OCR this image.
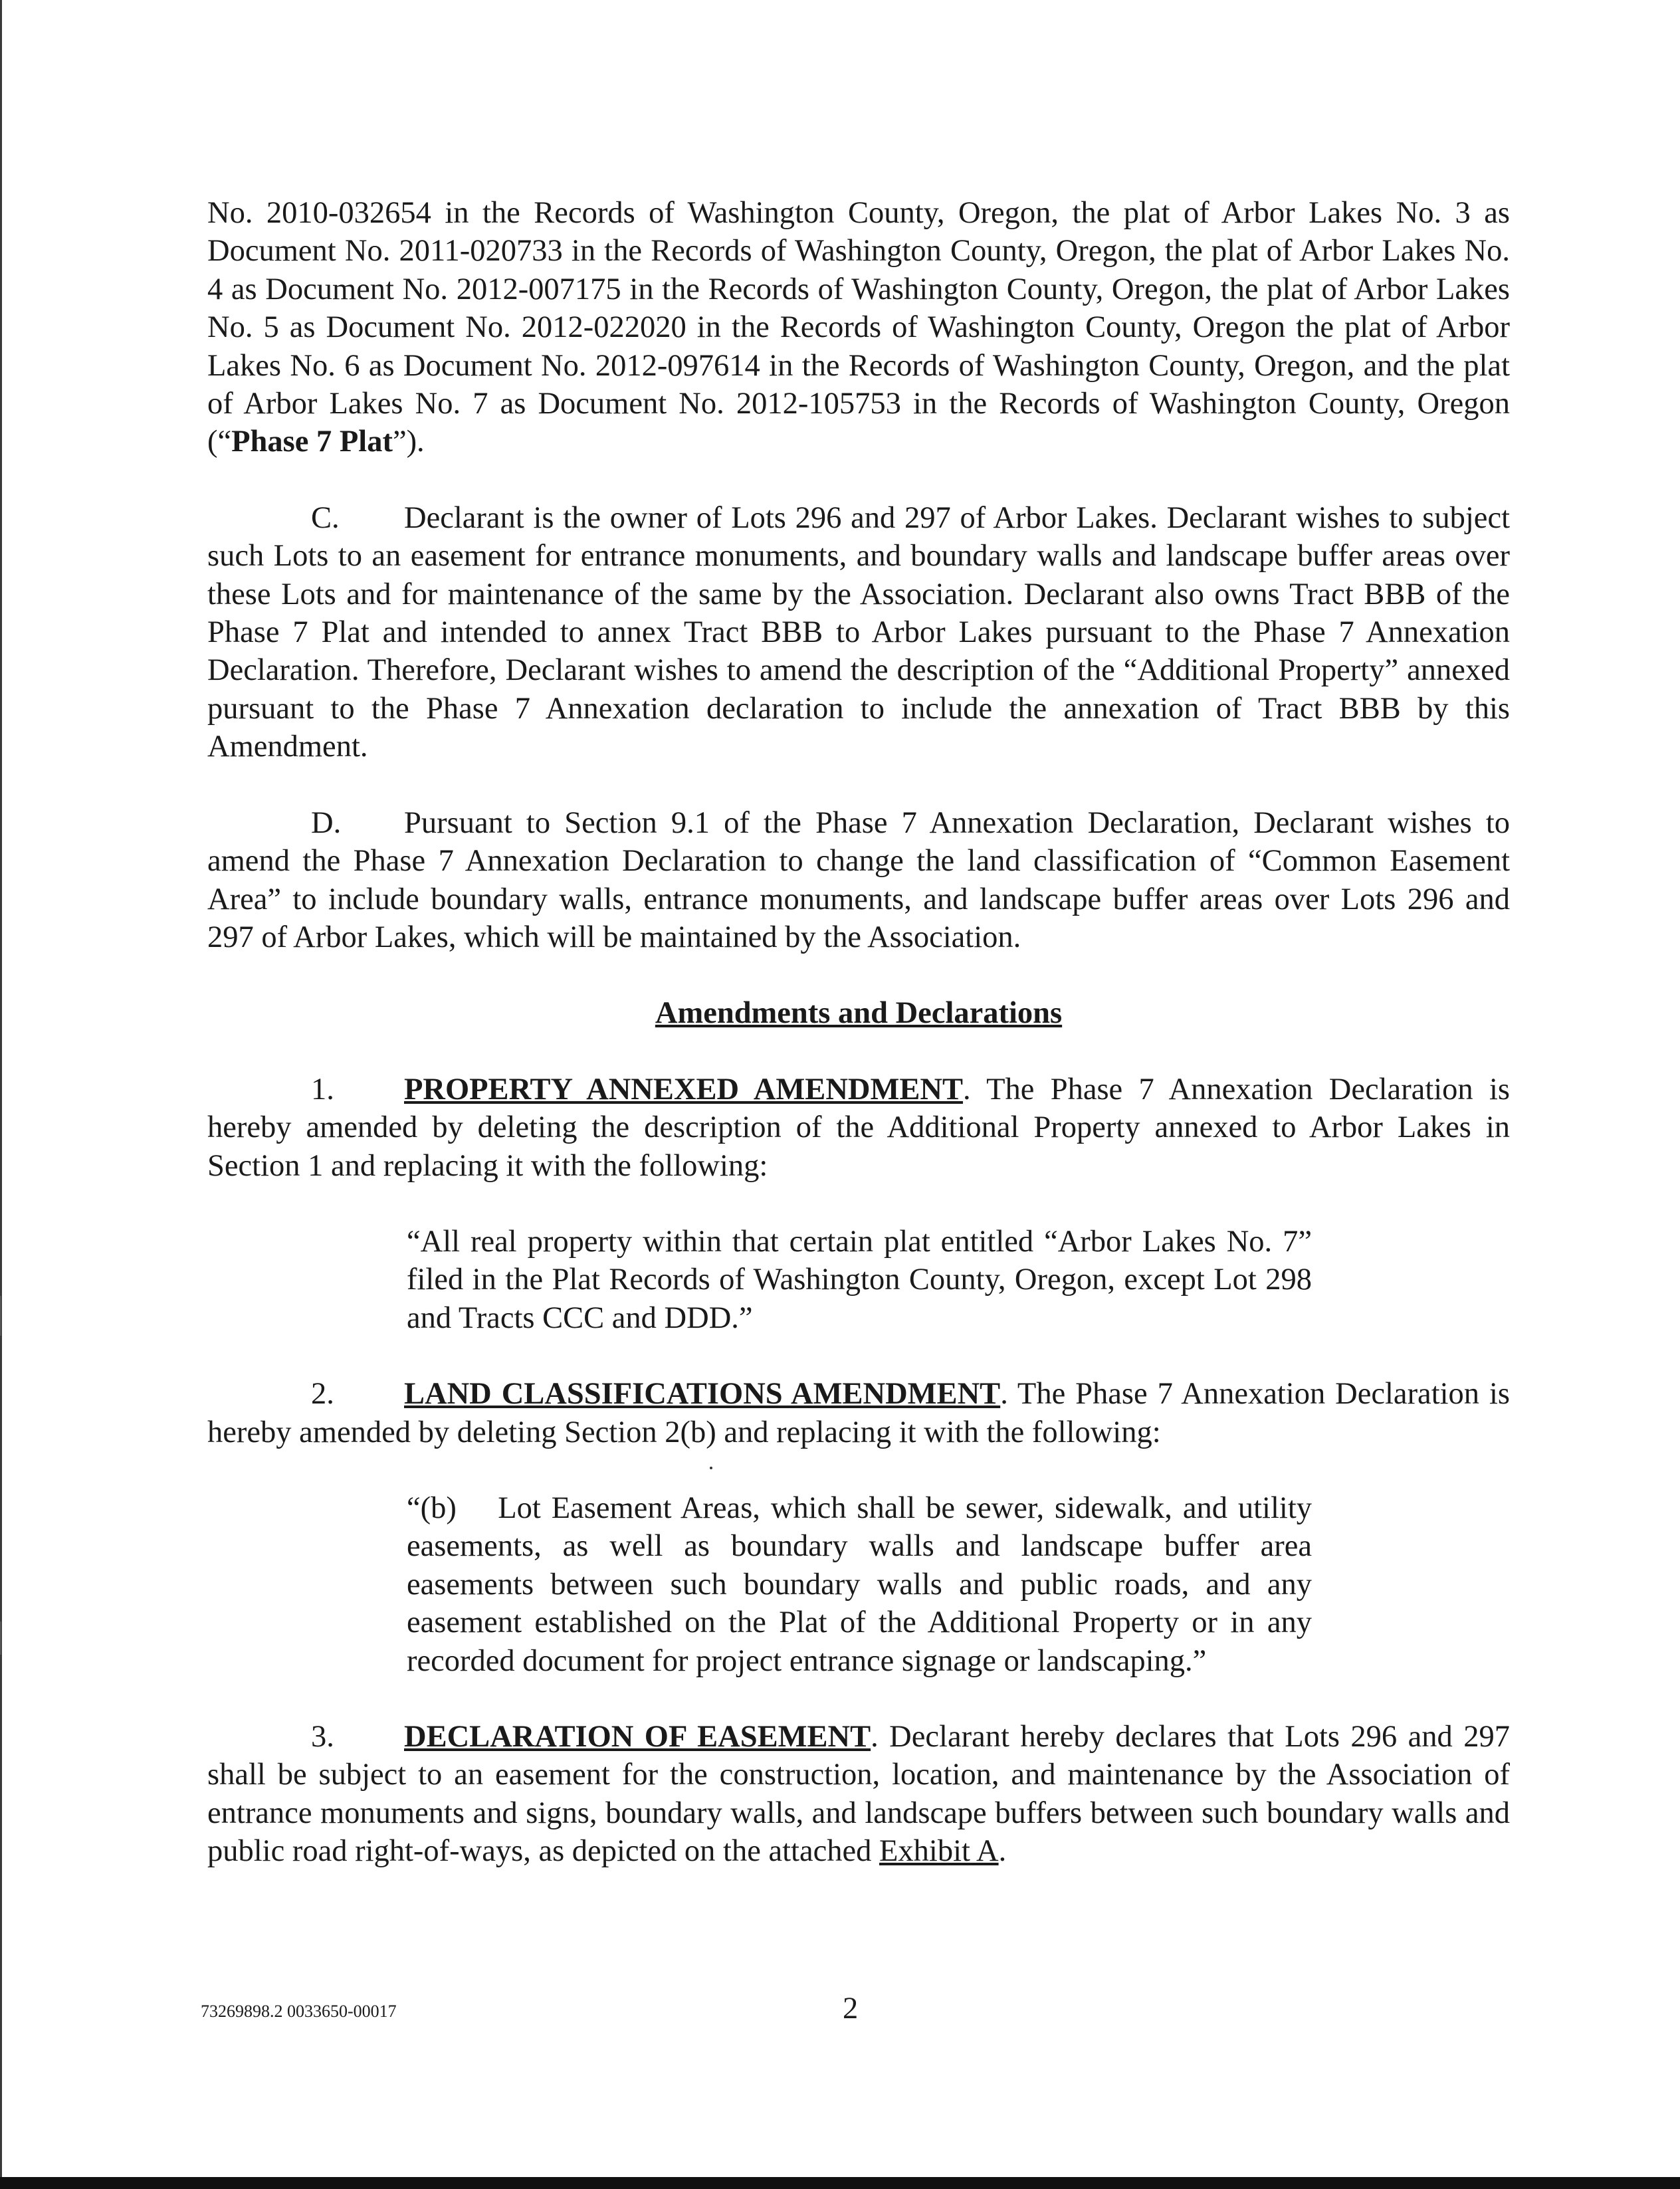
No. 2010-032654 in the Records of Washington County, Oregon, the plat of Arbor Lakes No. 3 as Document No. 2011-020733 in the Records of Washington County, Oregon, the plat of Arbor Lakes No. 4 as Document No. 2012-007175 in the Records of Washington County, Oregon, the plat of Arbor Lakes No. 5 as Document No. 2012-022020 in the Records of Washington County, Oregon the plat of Arbor Lakes No. 6 as Document No. 2012-097614 in the Records of Washington County, Oregon, and the plat of Arbor Lakes No. 7 as Document No. 2012-105753 in the Records of Washington County, Oregon (“Phase 7 Plat”).

C. Declarant is the owner of Lots 296 and 297 of Arbor Lakes. Declarant wishes to subject such Lots to an easement for entrance monuments, and boundary walls and landscape buffer areas over these Lots and for maintenance of the same by the Association. Declarant also owns Tract BBB of the Phase 7 Plat and intended to annex Tract BBB to Arbor Lakes pursuant to the Phase 7 Annexation Declaration. Therefore, Declarant wishes to amend the description of the “Additional Property” annexed pursuant to the Phase 7 Annexation declaration to include the annexation of Tract BBB by this Amendment.

D. Pursuant to Section 9.1 of the Phase 7 Annexation Declaration, Declarant wishes to amend the Phase 7 Annexation Declaration to change the land classification of “Common Easement Area” to include boundary walls, entrance monuments, and landscape buffer areas over Lots 296 and 297 of Arbor Lakes, which will be maintained by the Association.

Amendments and Declarations

1. PROPERTY ANNEXED AMENDMENT. The Phase 7 Annexation Declaration is hereby amended by deleting the description of the Additional Property annexed to Arbor Lakes in Section 1 and replacing it with the following:

“All real property within that certain plat entitled “Arbor Lakes No. 7” filed in the Plat Records of Washington County, Oregon, except Lot 298 and Tracts CCC and DDD.”

2. LAND CLASSIFICATIONS AMENDMENT. The Phase 7 Annexation Declaration is hereby amended by deleting Section 2(b) and replacing it with the following:

“(b)  Lot Easement Areas, which shall be sewer, sidewalk, and utility easements, as well as boundary walls and landscape buffer area easements between such boundary walls and public roads, and any easement established on the Plat of the Additional Property or in any recorded document for project entrance signage or landscaping.”

3. DECLARATION OF EASEMENT. Declarant hereby declares that Lots 296 and 297 shall be subject to an easement for the construction, location, and maintenance by the Association of entrance monuments and signs, boundary walls, and landscape buffers between such boundary walls and public road right-of-ways, as depicted on the attached Exhibit A.

73269898.2 0033650-00017	2
